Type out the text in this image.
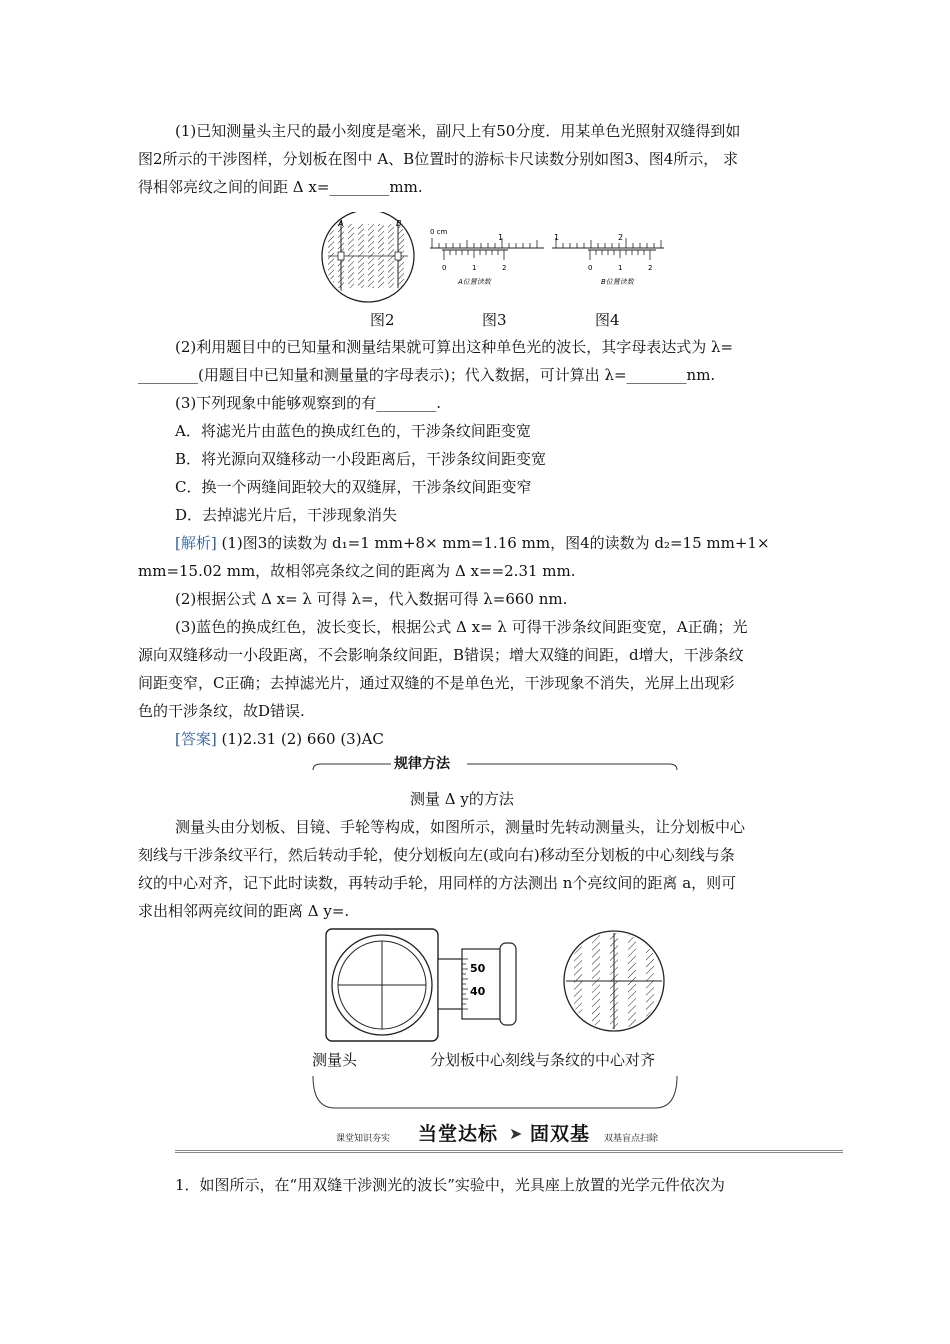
(1)已知测量头主尺的最小刻度是毫米，副尺上有50分度．用某单色光照射双缝得到如
图2所示的干涉图样，分划板在图中 A、B位置时的游标卡尺读数分别如图3、图4所示， 求
得相邻亮纹之间的间距 Δ x=________mm.
A	B
0 cm
1
0	1	2
A位置读数
1	2
0	1	2
B位置读数
图2	图3	图4
(2)利用题目中的已知量和测量结果就可算出这种单色光的波长，其字母表达式为 λ=
________(用题目中已知量和测量量的字母表示)；代入数据，可计算出 λ=________nm.
(3)下列现象中能够观察到的有________.
A．将滤光片由蓝色的换成红色的，干涉条纹间距变宽
B．将光源向双缝移动一小段距离后，干涉条纹间距变宽
C．换一个两缝间距较大的双缝屏，干涉条纹间距变窄
D．去掉滤光片后，干涉现象消失
[解析] (1)图3的读数为 d₁=1 mm+8× mm=1.16 mm，图4的读数为 d₂=15 mm+1×
mm=15.02 mm，故相邻亮条纹之间的距离为 Δ x==2.31 mm.
(2)根据公式 Δ x= λ 可得 λ=，代入数据可得 λ=660 nm.
(3)蓝色的换成红色，波长变长，根据公式 Δ x= λ 可得干涉条纹间距变宽，A正确；光
源向双缝移动一小段距离，不会影响条纹间距，B错误；增大双缝的间距，d增大，干涉条纹
间距变窄，C正确；去掉滤光片，通过双缝的不是单色光，干涉现象不消失，光屏上出现彩
色的干涉条纹，故D错误.
[答案] (1)2.31 (2) 660 (3)AC
规律方法
测量 Δ y的方法
测量头由分划板、目镜、手轮等构成，如图所示，测量时先转动测量头，让分划板中心
刻线与干涉条纹平行，然后转动手轮，使分划板向左(或向右)移动至分划板的中心刻线与条
纹的中心对齐，记下此时读数，再转动手轮，用同样的方法测出 n个亮纹间的距离 a，则可
求出相邻两亮纹间的距离 Δ y=.
50
40
测量头	分划板中心刻线与条纹的中心对齐
课堂知识夯实 当堂达标 ➤ 固双基 双基盲点扫除
1．如图所示，在“用双缝干涉测光的波长”实验中，光具座上放置的光学元件依次为
